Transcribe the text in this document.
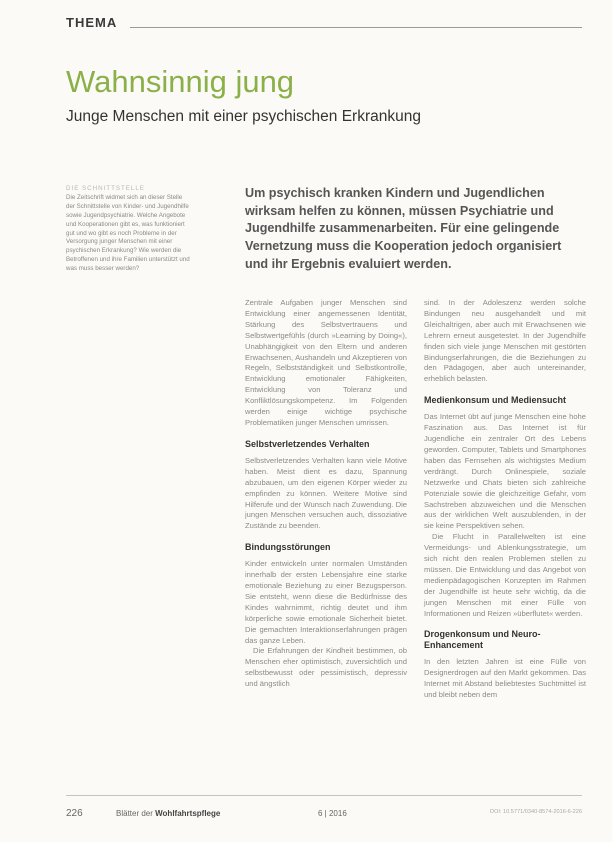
THEMA
Wahnsinnig jung
Junge Menschen mit einer psychischen Erkrankung
DIE SCHNITTSTELLE
Die Zeitschrift widmet sich an dieser Stelle der Schnittstelle von Kinder- und Jugendhilfe sowie Jugendpsychiatrie. Welche Angebote und Kooperationen gibt es, was funktioniert gut und wo gibt es noch Probleme in der Versorgung junger Menschen mit einer psychischen Erkrankung? Wie werden die Betroffenen und ihre Familien unterstützt und was muss besser werden?
Um psychisch kranken Kindern und Jugendlichen wirksam helfen zu können, müssen Psychiatrie und Jugendhilfe zusammenarbeiten. Für eine gelingende Vernetzung muss die Kooperation jedoch organisiert und ihr Ergebnis evaluiert werden.

Zentrale Aufgaben junger Menschen sind Entwicklung einer angemessenen Identität, Stärkung des Selbstvertrauens und Selbstwertgefühls (durch »Learning by Doing«), Unabhängigkeit von den Eltern und anderen Erwachsenen, Aushandeln und Akzeptieren von Regeln, Selbstständigkeit und Selbstkontrolle, Entwicklung emotionaler Fähigkeiten, Entwicklung von Toleranz und Konfliktlösungskompetenz. Im Folgenden werden einige wichtige psychische Problematiken junger Menschen umrissen.

Selbstverletzendes Verhalten

Selbstverletzendes Verhalten kann viele Motive haben. Meist dient es dazu, Spannung abzubauen, um den eigenen Körper wieder zu empfinden zu können. Weitere Motive sind Hilferufe und der Wunsch nach Zuwendung. Die jungen Menschen versuchen auch, dissoziative Zustände zu beenden.

Bindungsstörungen

Kinder entwickeln unter normalen Umständen innerhalb der ersten Lebensjahre eine starke emotionale Beziehung zu einer Bezugsperson. Sie entsteht, wenn diese die Bedürfnisse des Kindes wahrnimmt, richtig deutet und ihm körperliche sowie emotionale Sicherheit bietet. Die gemachten Interaktionserfahrungen prägen das ganze Leben.

Die Erfahrungen der Kindheit bestimmen, ob Menschen eher optimistisch, zuversichtlich und selbstbewusst oder pessimistisch, depressiv und ängstlich

sind. In der Adoleszenz werden solche Bindungen neu ausgehandelt und mit Gleichaltrigen, aber auch mit Erwachsenen wie Lehrern erneut ausgetestet. In der Jugendhilfe finden sich viele junge Menschen mit gestörten Bindungserfahrungen, die die Beziehungen zu den Pädagogen, aber auch untereinander, erheblich belasten.

Medienkonsum und Mediensucht

Das Internet übt auf junge Menschen eine hohe Faszination aus. Das Internet ist für Jugendliche ein zentraler Ort des Lebens geworden. Computer, Tablets und Smartphones haben das Fernsehen als wichtigstes Medium verdrängt. Durch Onlinespiele, soziale Netzwerke und Chats bieten sich zahlreiche Potenziale sowie die gleichzeitige Gefahr, vom Sachstreben abzuweichen und die Menschen aus der wirklichen Welt auszublenden, in der sie keine Perspektiven sehen.

Die Flucht in Parallelwelten ist eine Vermeidungs- und Ablenkungsstrategie, um sich nicht den realen Problemen stellen zu müssen. Die Entwicklung und das Angebot von medienpädagogischen Konzepten im Rahmen der Jugendhilfe ist heute sehr wichtig, da die jungen Menschen mit einer Fülle von Informationen und Reizen »überflutet« werden.

Drogenkonsum und Neuro-Enhancement

In den letzten Jahren ist eine Fülle von Designerdrogen auf den Markt gekommen. Das Internet mit Abstand beliebtestes Suchtmittel ist und bleibt neben dem

226	Blätter der Wohlfahrtspflege	6 | 2016	DOI: 10.5771/0340-8574-2016-6-226
